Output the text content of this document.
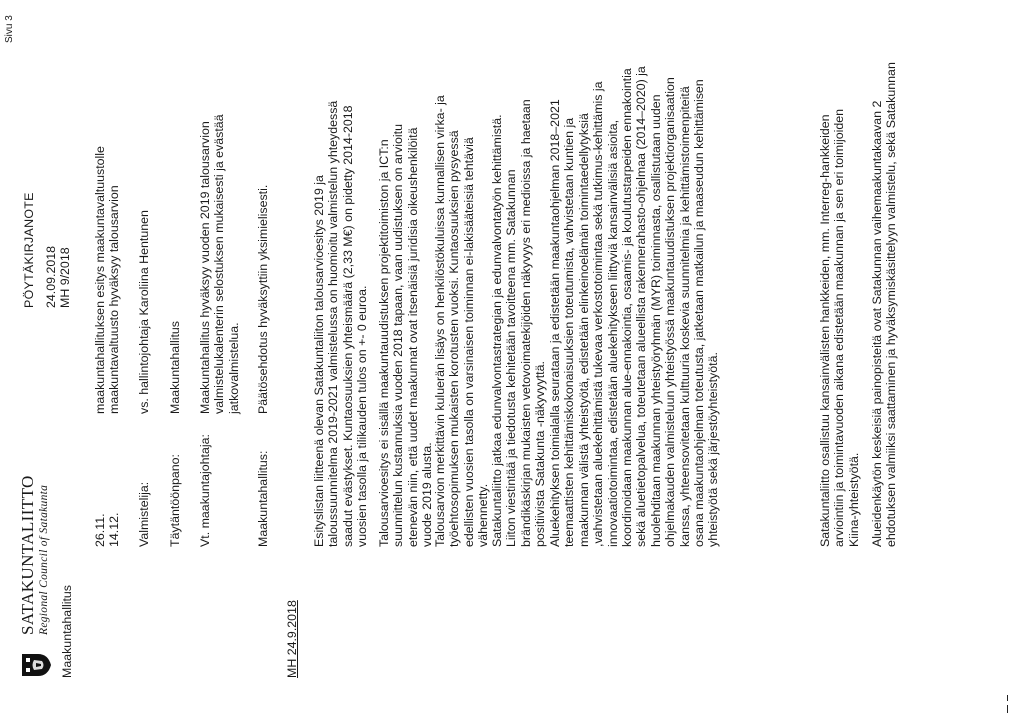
SATAKUNTALIITTO Regional Council of Satakunta Maakuntahallitus
PÖYTÄKIRJANOTE 24.09.2018 MH 9/2018
Sivu 3
26.11.
maakuntahallituksen esitys maakuntavaltuustolle
14.12.
maakuntavaltuusto hyväksyy talousarvion
Valmistelija:
vs. hallintojohtaja Karoliina Hentunen
Täytäntöönpano:
Maakuntahallitus
Vt. maakuntajohtaja:
Maakuntahallitus hyväksyy vuoden 2019 talousarvion valmistelukalenterin selostuksen mukaisesti ja evästää jatkovalmistelua.
Maakuntahallitus:
Päätösehdotus hyväksyttiin yksimielisesti.
MH 24.9.2018
Esityslistan liitteenä olevan Satakuntaliiton talousarvioesitys 2019 ja taloussuunnitelma 2019-2021 valmistelussa on huomioitu valmistelun yhteydessä saadut evästykset. Kuntaosuuksien yhteismäärä (2,33 M€) on pidetty 2014-2018 vuosien tasolla ja tilikauden tulos on +- 0 euroa. Talousarvioesitys ei sisällä maakuntauudistuksen projektitoimiston ja ICT:n suunnittelun kustannuksia vuoden 2018 tapaan, vaan uudistuksen on arvioitu etenevän niin, että uudet maakunnat ovat itsenäisiä juridisia oikeushenkilöitä vuode 2019 alusta.
Talousarvion merkittävin kuluerän lisäys on henkilöstökuluissa kunnallisen virka- ja työehtosopimuksen mukaisten korotusten vuoksi. Kuntaosuuksien pysyessä edellisten vuosien tasolla on varsinaisen toiminnan ei-lakisääteisiä tehtäviä vähennetty. Satakuntaliitto jatkaa edunvalvontastrategian ja edunvalvontatyön kehittämistä. Liiton viestintää ja tiedotusta kehitetään tavoitteena mm. Satakunnan brändikäskirjan mukaisten vetovoimatekijöiden näkyvyys eri medioissa ja haetaan positiivista Satakunta -näkyvyyttä. Aluekehityksen toimialalla seurataan ja edistetään maakuntaohjelman 2018–2021 teemaattisten kehittämiskokonaisuuksien toteutumista, vahvistetaan kuntien ja maakunnan välistä yhteistyötä, edistetään elinkeinoelämän toimintaedellytyksiä ,vahvistetaan aluekehittämistä tukevaa verkostotoimintaa sekä tutkimus-kehittämis ja innovaatiotoimintaa, edistetään aluekehitykseen liittyviä kansainvälisiä asioita, koordinoidaan maakunnan alue-ennakointia, osaamis- ja koulutustarpeiden ennakointia sekä aluetietopalvelua, toteutetaan alueellista rakennerahasto-ohjelmaa (2014–2020) ja huolehditaan maakunnan yhteistyöryhmän (MYR) toiminnasta, osallistutaan uuden ohjelmakauden valmisteluun yhteistyössä maakuntauudistuksen projektiorganisaation kanssa, yhteensovitetaan kulttuuria koskevia suunnitelmia ja kehittämistoimenpiteitä osana maakuntaohjelman toteutusta, jatketaan matkailun ja maaseudun kehittämisen yhteistyötä sekä järjestöyhteistyötä.	Satakuntaliitto osallistuu kansainvälisten hankkeiden, mm. Interreg-hankkeiden arviointiin ja toimintavuoden aikana edistetään maakunnan ja sen eri toimijoiden Kiina-yhteistyötä. Alueidenkäytön keskeisiä painopisteitä ovat Satakunnan vaihemaakuntakaavan 2 ehdotuksen valmiiksi saattaminen ja hyväksymiskäsittelyyn valmistelu, sekä Satakunnan
